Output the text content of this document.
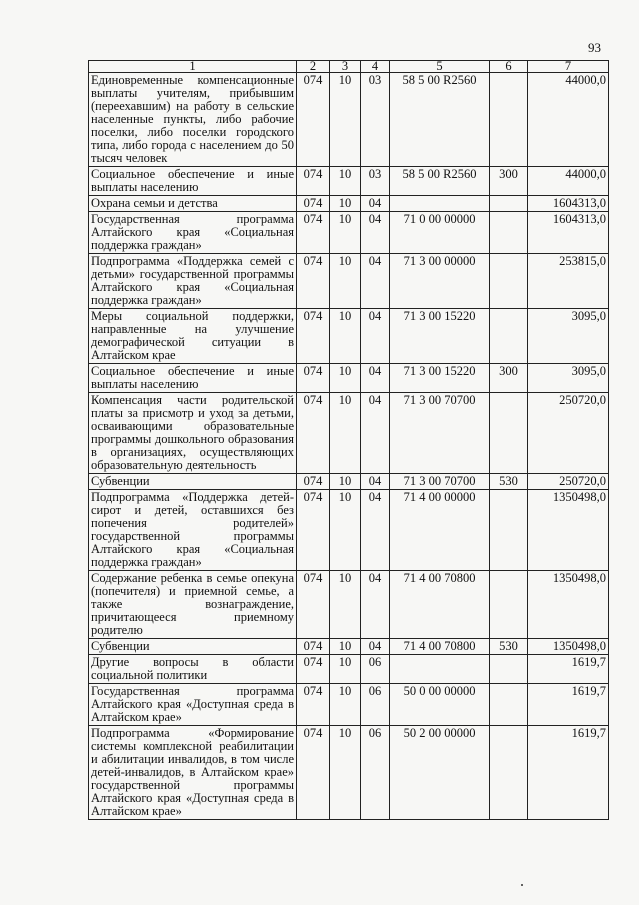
93
1	2	3	4	5	6	7
Единовременные компенсационные выплаты учителям, прибывшим (переехавшим) на работу в сельские населенные пункты, либо рабочие поселки, либо поселки городского типа, либо города с населением до 50 тысяч человек	074	10	03	58 5 00 R2560		44000,0
Социальное обеспечение и иные выплаты населению	074	10	03	58 5 00 R2560	300	44000,0
Охрана семьи и детства	074	10	04			1604313,0
Государственная программа Алтайского края «Социальная поддержка граждан»	074	10	04	71 0 00 00000		1604313,0
Подпрограмма «Поддержка семей с детьми» государственной программы Алтайского края «Социальная поддержка граждан»	074	10	04	71 3 00 00000		253815,0
Меры социальной поддержки, направленные на улучшение демографической ситуации в Алтайском крае	074	10	04	71 3 00 15220		3095,0
Социальное обеспечение и иные выплаты населению	074	10	04	71 3 00 15220	300	3095,0
Компенсация части родительской платы за присмотр и уход за детьми, осваивающими образовательные программы дошкольного образования в организациях, осуществляющих образовательную деятельность	074	10	04	71 3 00 70700		250720,0
Субвенции	074	10	04	71 3 00 70700	530	250720,0
Подпрограмма «Поддержка детей-сирот и детей, оставшихся без попечения родителей» государственной программы Алтайского края «Социальная поддержка граждан»	074	10	04	71 4 00 00000		1350498,0
Содержание ребенка в семье опекуна (попечителя) и приемной семье, а также вознаграждение, причитающееся приемному родителю	074	10	04	71 4 00 70800		1350498,0
Субвенции	074	10	04	71 4 00 70800	530	1350498,0
Другие вопросы в области социальной политики	074	10	06			1619,7
Государственная программа Алтайского края «Доступная среда в Алтайском крае»	074	10	06	50 0 00 00000		1619,7
Подпрограмма «Формирование системы комплексной реабилитации и абилитации инвалидов, в том числе детей-инвалидов, в Алтайском крае» государственной программы Алтайского края «Доступная среда в Алтайском крае»	074	10	06	50 2 00 00000		1619,7
